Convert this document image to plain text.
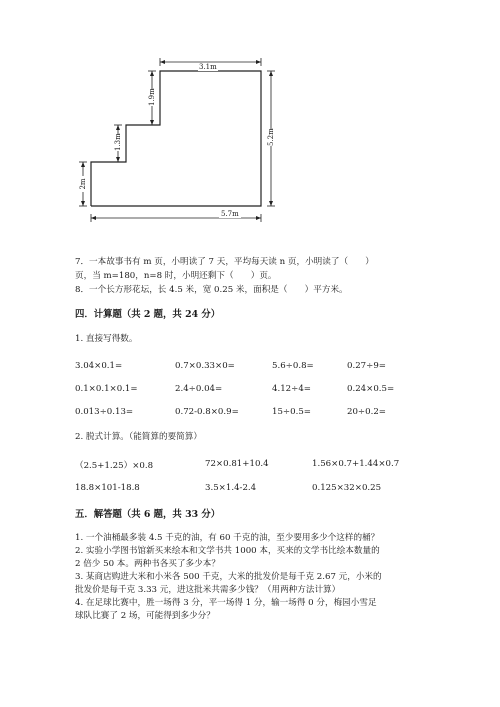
3.1m
5.7m
5.2m
1.9m
1.3m
2m
7．一本故事书有 m 页，小明读了 7 天，平均每天读 n 页，小明读了（　　）
页，当 m=180，n=8 时，小明还剩下（　　）页。
8．一个长方形花坛，长 4.5 米，宽 0.25 米，面积是（　　）平方米。
四．计算题（共 2 题，共 24 分）
1. 直接写得数。
3.04×0.1=	0.7×0.33×0=	5.6÷0.8=	0.27÷9=
0.1×0.1×0.1=	2.4÷0.04=	4.12÷4=	0.24×0.5=
0.013÷0.13=	0.72-0.8×0.9=	15÷0.5=	20÷0.2=
2. 脱式计算。（能简算的要简算）
（2.5+1.25）×0.8	72×0.81+10.4	1.56×0.7+1.44×0.7
18.8×101-18.8	3.5×1.4-2.4	0.125×32×0.25
五．解答题（共 6 题，共 33 分）
1. 一个油桶最多装 4.5 千克的油，有 60 千克的油，至少要用多少个这样的桶？
2. 实验小学图书馆新买来绘本和文学书共 1000 本，买来的文学书比绘本数量的
2 倍少 50 本。两种书各买了多少本？
3. 某商店购进大米和小米各 500 千克，大米的批发价是每千克 2.67 元，小米的
批发价是每千克 3.33 元，进这批米共需多少钱？（用两种方法计算）
4. 在足球比赛中，胜一场得 3 分，平一场得 1 分，输一场得 0 分，梅园小雪足
球队比赛了 2 场，可能得到多少分？
